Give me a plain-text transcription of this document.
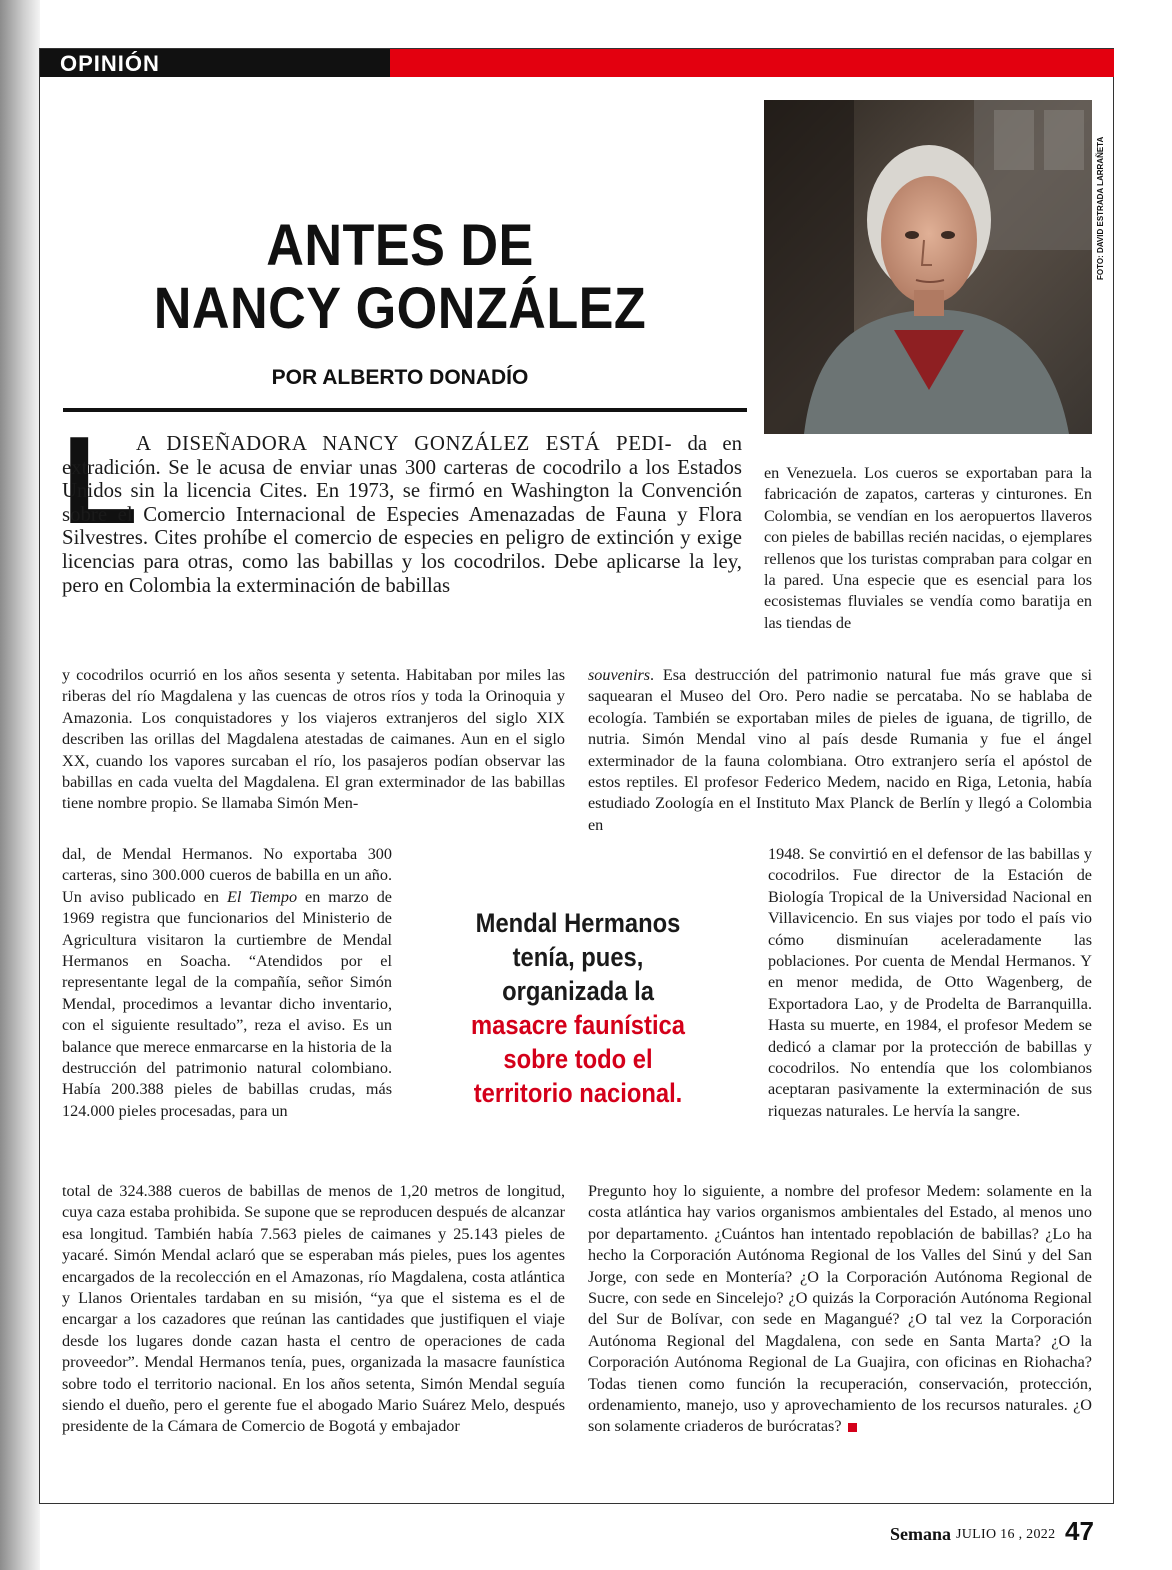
OPINIÓN
FOTO: DAVID ESTRADA LARRAÑETA
ANTES DE
NANCY GONZÁLEZ
POR ALBERTO DONADÍO
L

A DISEÑADORA NANCY GONZÁLEZ ESTÁ PEDI- da en extradición. Se le acusa de enviar unas 300 carteras de cocodrilo a los Estados Unidos sin la licencia Cites. En 1973, se firmó en Washington la Convención sobre el Comercio Internacional de Especies Amenazadas de Fauna y Flora Silvestres. Cites prohíbe el comercio de especies en peligro de extinción y exige licencias para otras, como las babillas y los cocodrilos. Debe aplicarse la ley, pero en Colombia la exterminación de babillas

en Venezuela. Los cueros se exportaban para la fabricación de zapatos, carteras y cinturones. En Colombia, se vendían en los aeropuertos llaveros con pieles de babillas recién nacidas, o ejemplares rellenos que los turistas compraban para colgar en la pared. Una especie que es esencial para los ecosistemas fluviales se vendía como baratija en las tiendas de

y cocodrilos ocurrió en los años sesenta y setenta. Habitaban por miles las riberas del río Magdalena y las cuencas de otros ríos y toda la Orinoquia y Amazonia. Los conquistadores y los viajeros extranjeros del siglo XIX describen las orillas del Magdalena atestadas de caimanes. Aun en el siglo XX, cuando los vapores surcaban el río, los pasajeros podían observar las babillas en cada vuelta del Magdalena. El gran exterminador de las babillas tiene nombre propio. Se llamaba Simón Men-

dal, de Mendal Hermanos. No exportaba 300 carteras, sino 300.000 cueros de babilla en un año. Un aviso publicado en El Tiempo en marzo de 1969 registra que funcionarios del Ministerio de Agricultura visitaron la curtiembre de Mendal Hermanos en Soacha. “Atendidos por el representante legal de la compañía, señor Simón Mendal, procedimos a levantar dicho inventario, con el siguiente resultado”, reza el aviso. Es un balance que merece enmarcarse en la historia de la destrucción del patrimonio natural colombiano. Había 200.388 pieles de babillas crudas, más 124.000 pieles procesadas, para un

total de 324.388 cueros de babillas de menos de 1,20 metros de longitud, cuya caza estaba prohibida. Se supone que se reproducen después de alcanzar esa longitud. También había 7.563 pieles de caimanes y 25.143 pieles de yacaré. Simón Mendal aclaró que se esperaban más pieles, pues los agentes encargados de la recolección en el Amazonas, río Magdalena, costa atlántica y Llanos Orientales tardaban en su misión, “ya que el sistema es el de encargar a los cazadores que reúnan las cantidades que justifiquen el viaje desde los lugares donde cazan hasta el centro de operaciones de cada proveedor”. Mendal Hermanos tenía, pues, organizada la masacre faunística sobre todo el territorio nacional. En los años setenta, Simón Mendal seguía siendo el dueño, pero el gerente fue el abogado Mario Suárez Melo, después presidente de la Cámara de Comercio de Bogotá y embajador

souvenirs. Esa destrucción del patrimonio natural fue más grave que si saquearan el Museo del Oro. Pero nadie se percataba. No se hablaba de ecología. También se exportaban miles de pieles de iguana, de tigrillo, de nutria. Simón Mendal vino al país desde Rumania y fue el ángel exterminador de la fauna colombiana. Otro extranjero sería el apóstol de estos reptiles. El profesor Federico Medem, nacido en Riga, Letonia, había estudiado Zoología en el Instituto Max Planck de Berlín y llegó a Colombia en

1948. Se convirtió en el defensor de las babillas y cocodrilos. Fue director de la Estación de Biología Tropical de la Universidad Nacional en Villavicencio. En sus viajes por todo el país vio cómo disminuían aceleradamente las poblaciones. Por cuenta de Mendal Hermanos. Y en menor medida, de Otto Wagenberg, de Exportadora Lao, y de Prodelta de Barranquilla. Hasta su muerte, en 1984, el profesor Medem se dedicó a clamar por la protección de babillas y cocodrilos. No entendía que los colombianos aceptaran pasivamente la exterminación de sus riquezas naturales. Le hervía la sangre.

Pregunto hoy lo siguiente, a nombre del profesor Medem: solamente en la costa atlántica hay varios organismos ambientales del Estado, al menos uno por departamento. ¿Cuántos han intentado repoblación de babillas? ¿Lo ha hecho la Corporación Autónoma Regional de los Valles del Sinú y del San Jorge, con sede en Montería? ¿O la Corporación Autónoma Regional de Sucre, con sede en Sincelejo? ¿O quizás la Corporación Autónoma Regional del Sur de Bolívar, con sede en Magangué? ¿O tal vez la Corporación Autónoma Regional del Magdalena, con sede en Santa Marta? ¿O la Corporación Autónoma Regional de La Guajira, con oficinas en Riohacha? Todas tienen como función la recuperación, conservación, protección, ordenamiento, manejo, uso y aprovechamiento de los recursos naturales. ¿O son solamente criaderos de burócratas?

Mendal Hermanos tenía, pues, organizada la
masacre faunística sobre todo el territorio nacional.
Semana JULIO 16 , 2022 47
